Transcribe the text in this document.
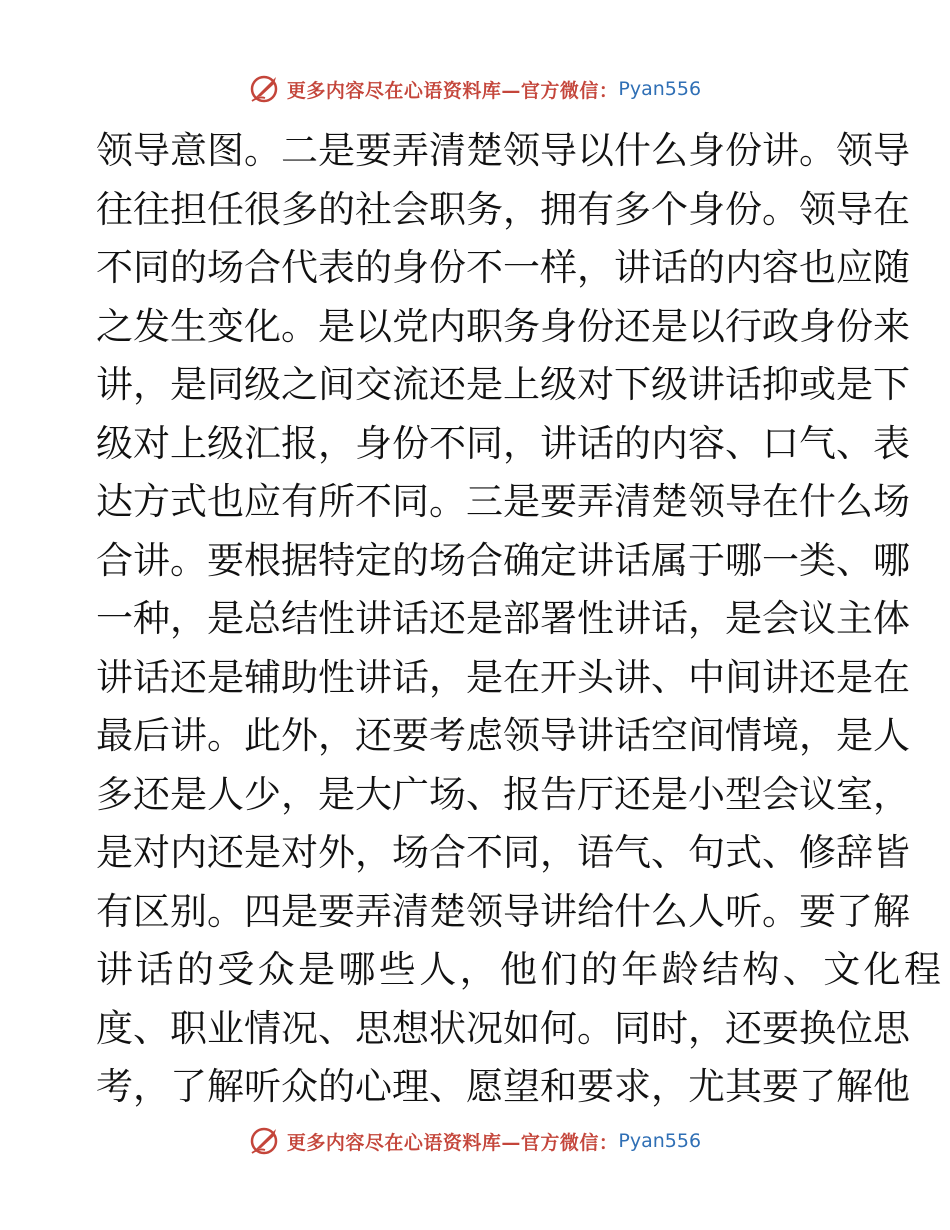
更多内容尽在心语资料库—官方微信： Pyan556
领导意图。二是要弄清楚领导以什么身份讲。领导
往往担任很多的社会职务，拥有多个身份。领导在
不同的场合代表的身份不一样，讲话的内容也应随
之发生变化。是以党内职务身份还是以行政身份来
讲，是同级之间交流还是上级对下级讲话抑或是下
级对上级汇报，身份不同，讲话的内容、口气、表
达方式也应有所不同。三是要弄清楚领导在什么场
合讲。要根据特定的场合确定讲话属于哪一类、哪
一种，是总结性讲话还是部署性讲话，是会议主体
讲话还是辅助性讲话，是在开头讲、中间讲还是在
最后讲。此外，还要考虑领导讲话空间情境，是人
多还是人少，是大广场、报告厅还是小型会议室，
是对内还是对外，场合不同，语气、句式、修辞皆
有区别。四是要弄清楚领导讲给什么人听。要了解
讲话的受众是哪些人，他们的年龄结构、文化程
度、职业情况、思想状况如何。同时，还要换位思
考，了解听众的心理、愿望和要求，尤其要了解他
更多内容尽在心语资料库—官方微信： Pyan556
